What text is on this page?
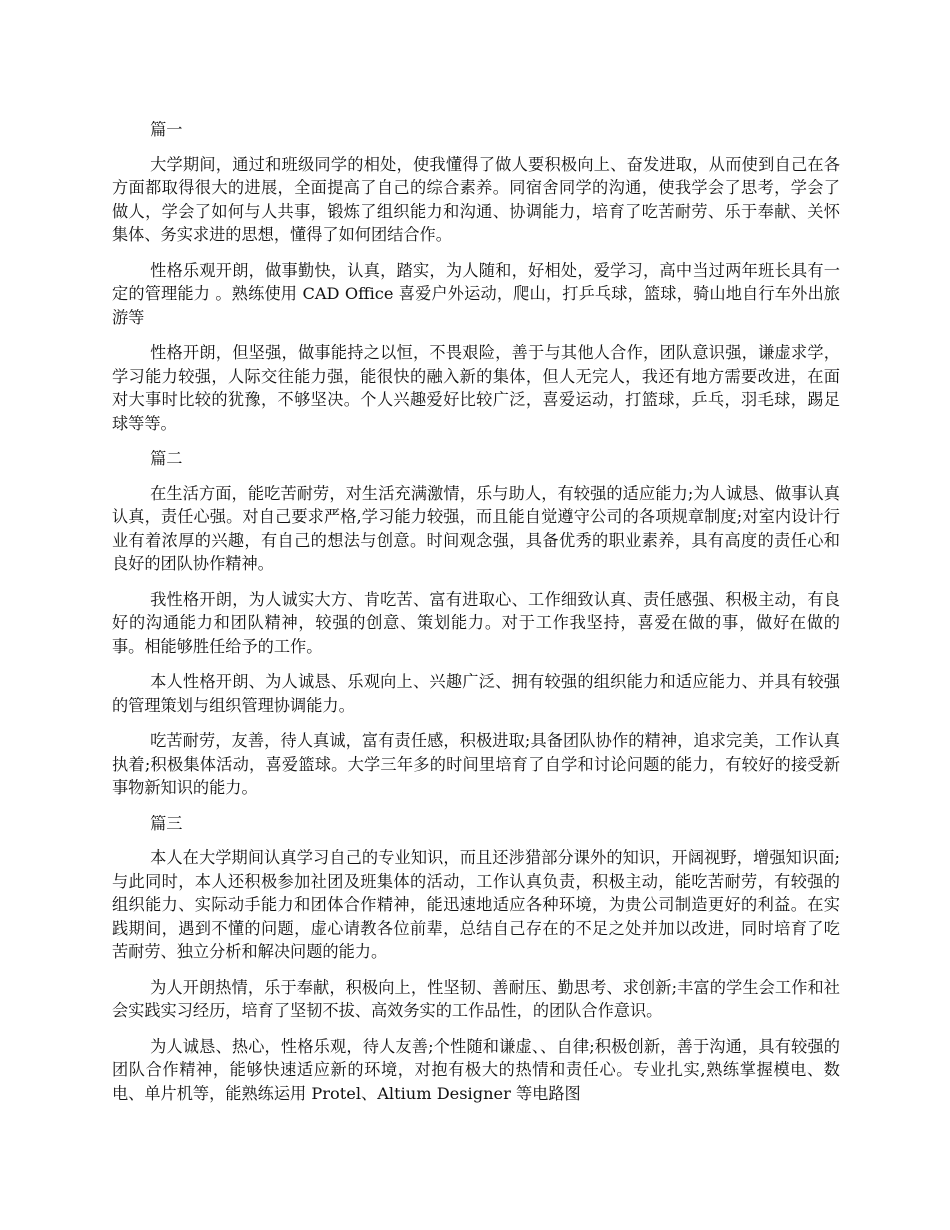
篇一

大学期间，通过和班级同学的相处，使我懂得了做人要积极向上、奋发进取，从而使到自己在各方面都取得很大的进展，全面提高了自己的综合素养。同宿舍同学的沟通，使我学会了思考，学会了做人，学会了如何与人共事，锻炼了组织能力和沟通、协调能力，培育了吃苦耐劳、乐于奉献、关怀集体、务实求进的思想，懂得了如何团结合作。

性格乐观开朗，做事勤快，认真，踏实，为人随和，好相处，爱学习，高中当过两年班长具有一定的管理能力 。熟练使用 CAD Office 喜爱户外运动，爬山，打乒乓球，篮球，骑山地自行车外出旅游等

性格开朗，但坚强，做事能持之以恒，不畏艰险，善于与其他人合作，团队意识强，谦虚求学，学习能力较强，人际交往能力强，能很快的融入新的集体，但人无完人，我还有地方需要改进，在面对大事时比较的犹豫，不够坚决。个人兴趣爱好比较广泛，喜爱运动，打篮球，乒乓，羽毛球，踢足球等等。

篇二

在生活方面，能吃苦耐劳，对生活充满激情，乐与助人，有较强的适应能力;为人诚恳、做事认真认真，责任心强。对自己要求严格,学习能力较强，而且能自觉遵守公司的各项规章制度;对室内设计行业有着浓厚的兴趣，有自己的想法与创意。时间观念强，具备优秀的职业素养，具有高度的责任心和良好的团队协作精神。

我性格开朗，为人诚实大方、肯吃苦、富有进取心、工作细致认真、责任感强、积极主动，有良好的沟通能力和团队精神，较强的创意、策划能力。对于工作我坚持，喜爱在做的事，做好在做的事。相能够胜任给予的工作。

本人性格开朗、为人诚恳、乐观向上、兴趣广泛、拥有较强的组织能力和适应能力、并具有较强的管理策划与组织管理协调能力。

吃苦耐劳，友善，待人真诚，富有责任感，积极进取;具备团队协作的精神，追求完美，工作认真执着;积极集体活动，喜爱篮球。大学三年多的时间里培育了自学和讨论问题的能力，有较好的接受新事物新知识的能力。

篇三

本人在大学期间认真学习自己的专业知识，而且还涉猎部分课外的知识，开阔视野，增强知识面;与此同时，本人还积极参加社团及班集体的活动，工作认真负责，积极主动，能吃苦耐劳，有较强的组织能力、实际动手能力和团体合作精神，能迅速地适应各种环境，为贵公司制造更好的利益。在实践期间，遇到不懂的问题，虚心请教各位前辈，总结自己存在的不足之处并加以改进，同时培育了吃苦耐劳、独立分析和解决问题的能力。

为人开朗热情，乐于奉献，积极向上，性坚韧、善耐压、勤思考、求创新;丰富的学生会工作和社会实践实习经历，培育了坚韧不拔、高效务实的工作品性，的团队合作意识。

为人诚恳、热心，性格乐观，待人友善;个性随和谦虚、、自律;积极创新，善于沟通，具有较强的团队合作精神，能够快速适应新的环境，对抱有极大的热情和责任心。专业扎实,熟练掌握模电、数电、单片机等，能熟练运用 Protel、Altium Designer 等电路图
